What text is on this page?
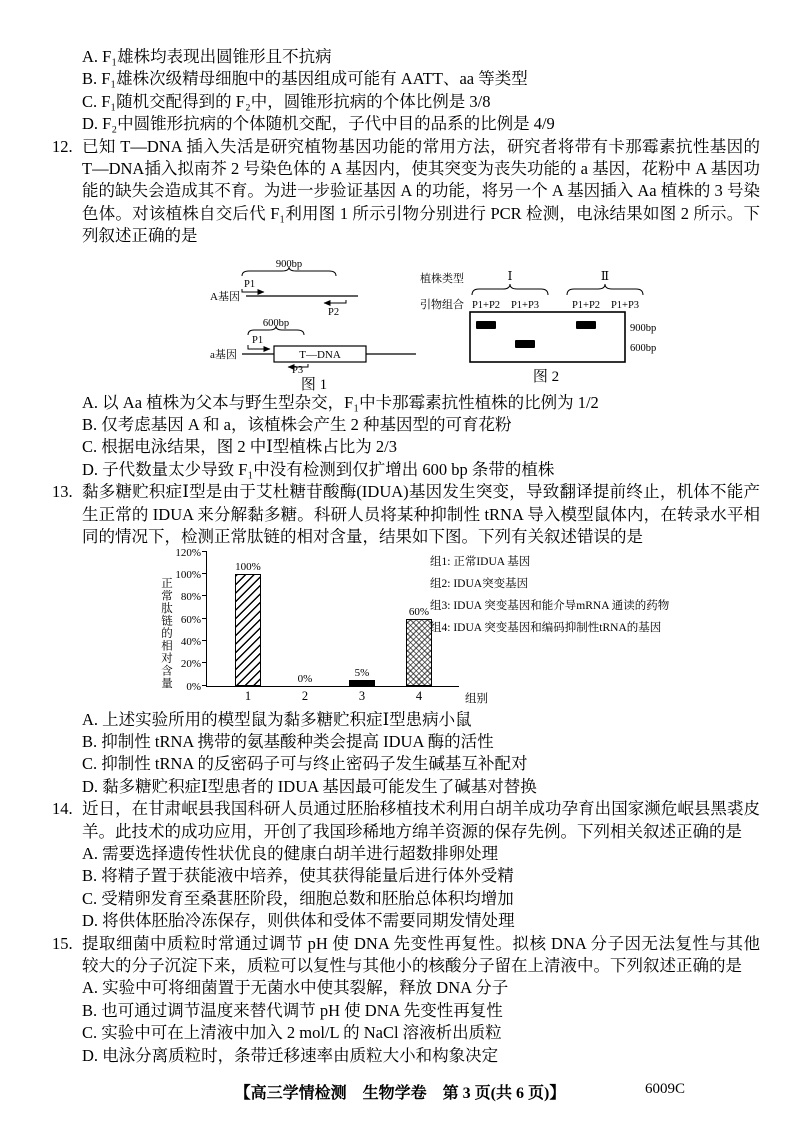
A. F₁雄株均表现出圆锥形且不抗病
B. F₁雄株次级精母细胞中的基因组成可能有 AATT、aa 等类型
C. F₁随机交配得到的 F₂中，圆锥形抗病的个体比例是 3/8
D. F₂中圆锥形抗病的个体随机交配，子代中目的品系的比例是 4/9
12. 已知 T—DNA 插入失活是研究植物基因功能的常用方法，研究者将带有卡那霉素抗性基因的
T—DNA插入拟南芥 2 号染色体的 A 基因内，使其突变为丧失功能的 a 基因，花粉中 A 基因功
能的缺失会造成其不育。为进一步验证基因 A 的功能，将另一个 A 基因插入 Aa 植株的 3 号染
色体。对该植株自交后代 F₁利用图 1 所示引物分别进行 PCR 检测，电泳结果如图 2 所示。下
列叙述正确的是
900bp
P1
A基因
P2
600bp
P1
a基因	T—DNA
P3
图 1
植株类型	Ⅰ	Ⅱ
引物组合 P1+P2 P1+P3	P1+P2 P1+P3
900bp
600bp
图 2
A. 以 Aa 植株为父本与野生型杂交，F₁中卡那霉素抗性植株的比例为 1/2
B. 仅考虑基因 A 和 a，该植株会产生 2 种基因型的可育花粉
C. 根据电泳结果，图 2 中Ⅰ型植株占比为 2/3
D. 子代数量太少导致 F₁中没有检测到仅扩增出 600 bp 条带的植株
13. 黏多糖贮积症Ⅰ型是由于艾杜糖苷酸酶(IDUA)基因发生突变，导致翻译提前终止，机体不能产
生正常的 IDUA 来分解黏多糖。科研人员将某种抑制性 tRNA 导入模型鼠体内，在转录水平相
同的情况下，检测正常肽链的相对含量，结果如下图。下列有关叙述错误的是
正常肽链的相对含量	0%
20%
40%
60%
80%
100%
120%
100%
1
0%
2
5%
3
60%
4	组别
组1: 正常IDUA 基因
组2: IDUA突变基因
组3: IDUA 突变基因和能介导mRNA 通读的药物
组4: IDUA 突变基因和编码抑制性tRNA的基因
A. 上述实验所用的模型鼠为黏多糖贮积症Ⅰ型患病小鼠
B. 抑制性 tRNA 携带的氨基酸种类会提高 IDUA 酶的活性
C. 抑制性 tRNA 的反密码子可与终止密码子发生碱基互补配对
D. 黏多糖贮积症Ⅰ型患者的 IDUA 基因最可能发生了碱基对替换
14. 近日，在甘肃岷县我国科研人员通过胚胎移植技术利用白胡羊成功孕育出国家濒危岷县黑裘皮
羊。此技术的成功应用，开创了我国珍稀地方绵羊资源的保存先例。下列相关叙述正确的是
A. 需要选择遗传性状优良的健康白胡羊进行超数排卵处理
B. 将精子置于获能液中培养，使其获得能量后进行体外受精
C. 受精卵发育至桑葚胚阶段，细胞总数和胚胎总体积均增加
D. 将供体胚胎冷冻保存，则供体和受体不需要同期发情处理
15. 提取细菌中质粒时常通过调节 pH 使 DNA 先变性再复性。拟核 DNA 分子因无法复性与其他
较大的分子沉淀下来，质粒可以复性与其他小的核酸分子留在上清液中。下列叙述正确的是
A. 实验中可将细菌置于无菌水中使其裂解，释放 DNA 分子
B. 也可通过调节温度来替代调节 pH 使 DNA 先变性再复性
C. 实验中可在上清液中加入 2 mol/L 的 NaCl 溶液析出质粒
D. 电泳分离质粒时，条带迁移速率由质粒大小和构象决定
【高三学情检测　生物学卷　第 3 页(共 6 页)】	6009C
